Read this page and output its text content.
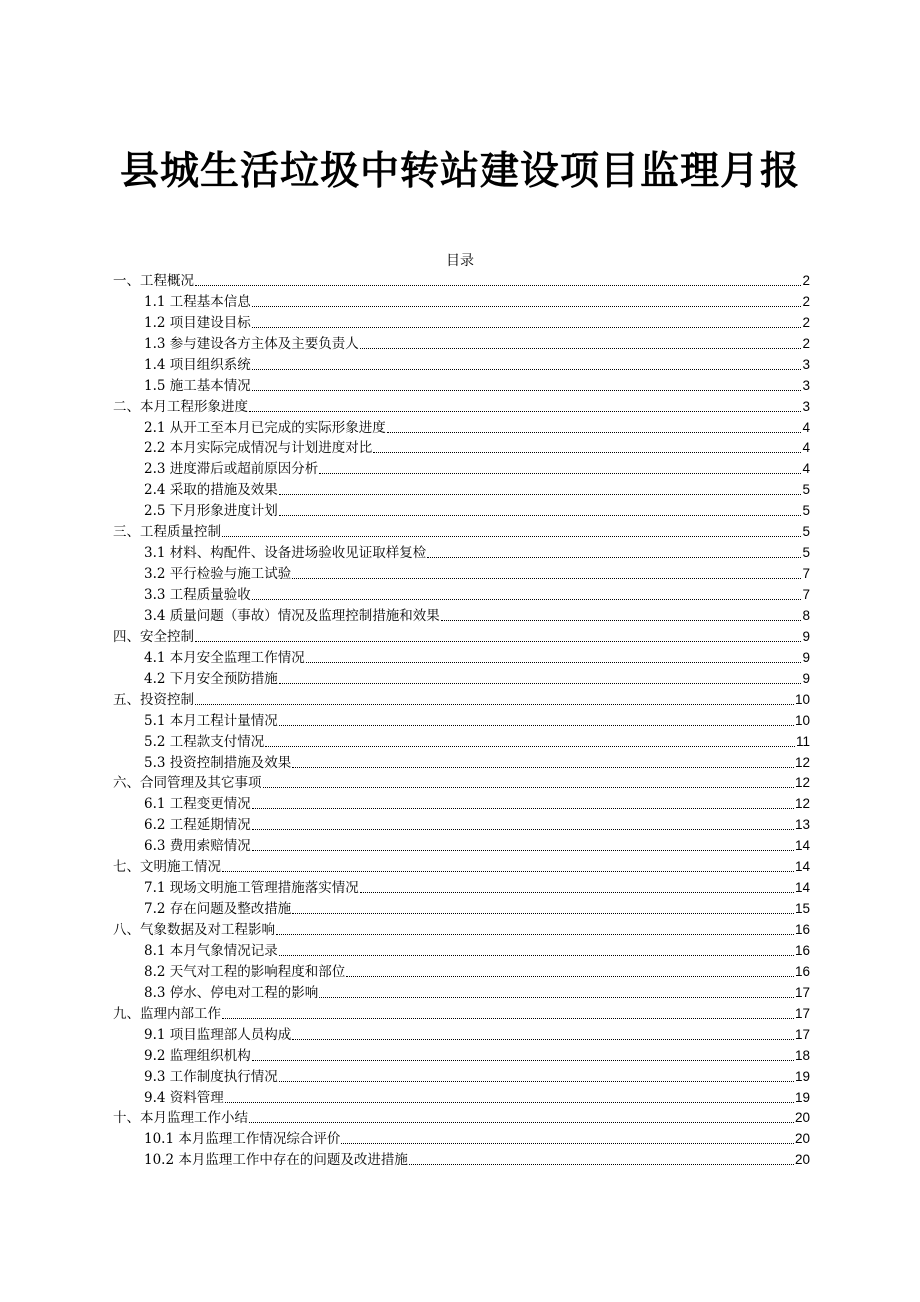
县城生活垃圾中转站建设项目监理月报
目录
一、工程概况	2
1.1 工程基本信息	2
1.2 项目建设目标	2
1.3 参与建设各方主体及主要负责人	2
1.4 项目组织系统	3
1.5 施工基本情况	3
二、本月工程形象进度	3
2.1 从开工至本月已完成的实际形象进度	4
2.2 本月实际完成情况与计划进度对比	4
2.3 进度滞后或超前原因分析	4
2.4 采取的措施及效果	5
2.5 下月形象进度计划	5
三、工程质量控制	5
3.1 材料、构配件、设备进场验收见证取样复检	5
3.2 平行检验与施工试验	7
3.3 工程质量验收	7
3.4 质量问题（事故）情况及监理控制措施和效果	8
四、安全控制	9
4.1 本月安全监理工作情况	9
4.2 下月安全预防措施	9
五、投资控制	10
5.1 本月工程计量情况	10
5.2 工程款支付情况	11
5.3 投资控制措施及效果	12
六、合同管理及其它事项	12
6.1 工程变更情况	12
6.2 工程延期情况	13
6.3 费用索赔情况	14
七、文明施工情况	14
7.1 现场文明施工管理措施落实情况	14
7.2 存在问题及整改措施	15
八、气象数据及对工程影响	16
8.1 本月气象情况记录	16
8.2 天气对工程的影响程度和部位	16
8.3 停水、停电对工程的影响	17
九、监理内部工作	17
9.1 项目监理部人员构成	17
9.2 监理组织机构	18
9.3 工作制度执行情况	19
9.4 资料管理	19
十、本月监理工作小结	20
10.1 本月监理工作情况综合评价	20
10.2 本月监理工作中存在的问题及改进措施	20
